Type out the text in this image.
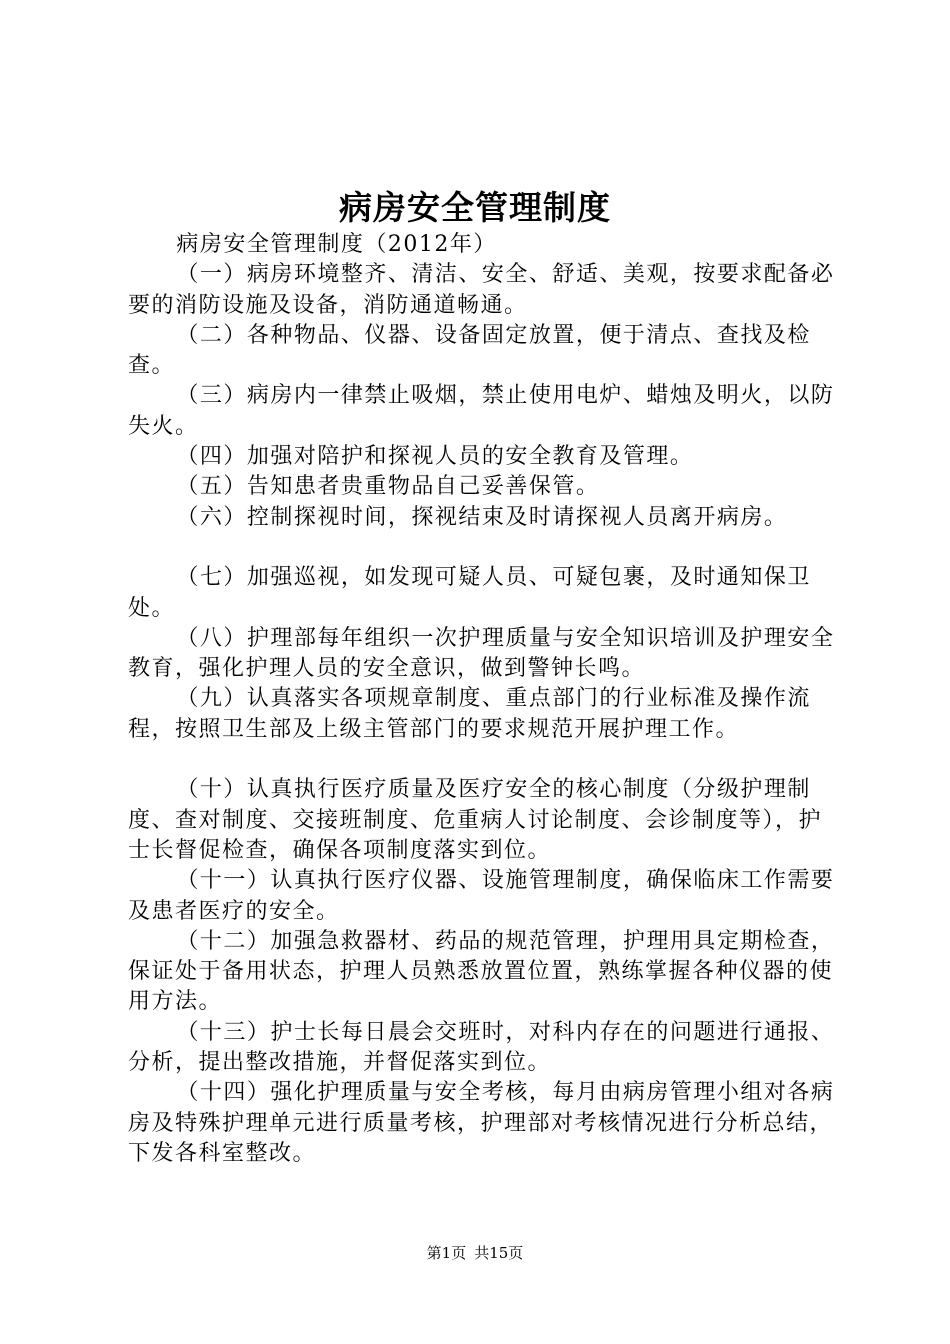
病房安全管理制度

病房安全管理制度（2012年）

（一）病房环境整齐、清洁、安全、舒适、美观，按要求配备必要的消防设施及设备，消防通道畅通。

（二）各种物品、仪器、设备固定放置，便于清点、查找及检查。

（三）病房内一律禁止吸烟，禁止使用电炉、蜡烛及明火，以防失火。

（四）加强对陪护和探视人员的安全教育及管理。

（五）告知患者贵重物品自己妥善保管。

（六）控制探视时间，探视结束及时请探视人员离开病房。

（七）加强巡视，如发现可疑人员、可疑包裹，及时通知保卫处。

（八）护理部每年组织一次护理质量与安全知识培训及护理安全教育，强化护理人员的安全意识，做到警钟长鸣。

（九）认真落实各项规章制度、重点部门的行业标准及操作流程，按照卫生部及上级主管部门的要求规范开展护理工作。

（十）认真执行医疗质量及医疗安全的核心制度（分级护理制度、查对制度、交接班制度、危重病人讨论制度、会诊制度等），护士长督促检查，确保各项制度落实到位。

（十一）认真执行医疗仪器、设施管理制度，确保临床工作需要及患者医疗的安全。

（十二）加强急救器材、药品的规范管理，护理用具定期检查，保证处于备用状态，护理人员熟悉放置位置，熟练掌握各种仪器的使用方法。

（十三）护士长每日晨会交班时，对科内存在的问题进行通报、分析，提出整改措施，并督促落实到位。

（十四）强化护理质量与安全考核，每月由病房管理小组对各病房及特殊护理单元进行质量考核，护理部对考核情况进行分析总结，下发各科室整改。

第1页 共15页
